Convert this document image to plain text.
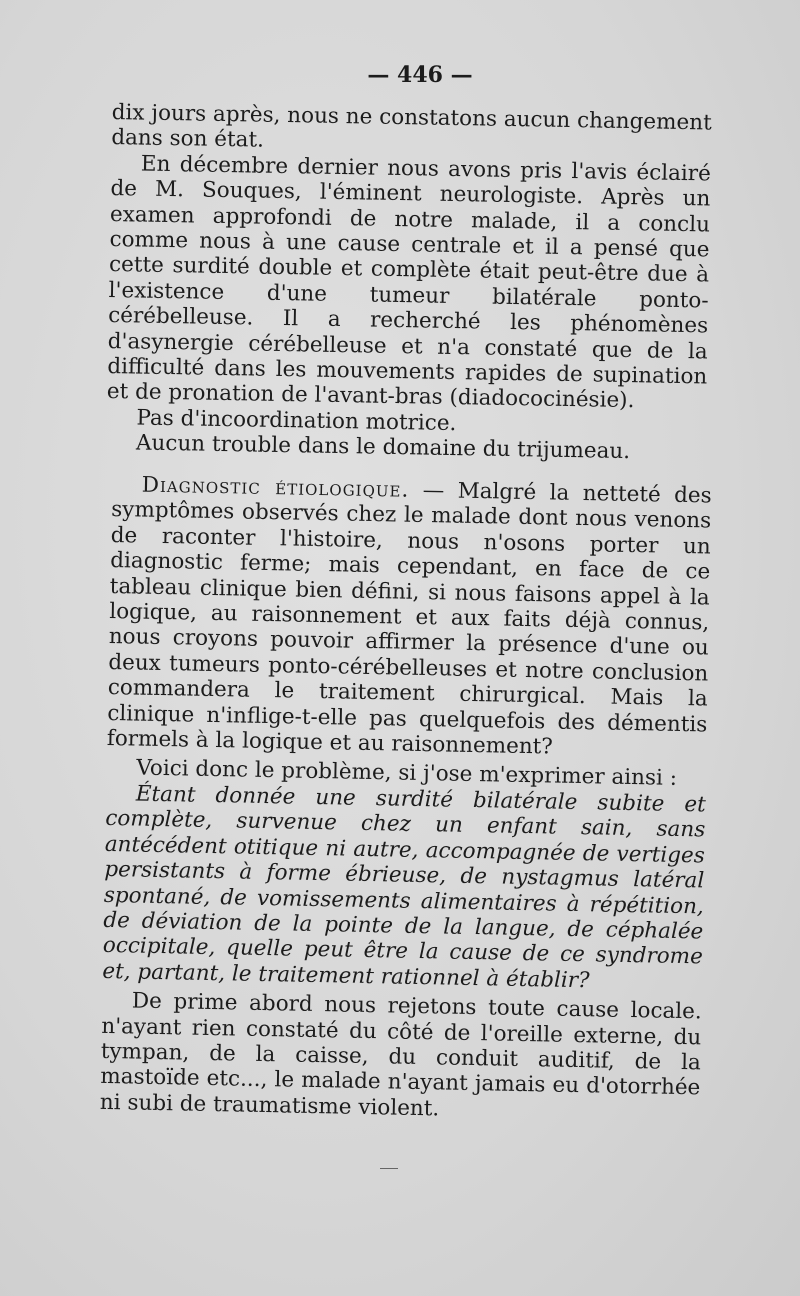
— 446 —

dix jours après, nous ne constatons aucun changement dans son état.

En décembre dernier nous avons pris l'avis éclairé de M. Souques, l'éminent neurologiste. Après un examen approfondi de notre malade, il a conclu comme nous à une cause centrale et il a pensé que cette surdité double et complète était peut-être due à l'existence d'une tumeur bilatérale ponto-cérébelleuse. Il a recherché les phénomènes d'asynergie cérébelleuse et n'a constaté que de la difficulté dans les mouvements rapides de supination et de pronation de l'avant-bras (diadococinésie).

Pas d'incoordination motrice.

Aucun trouble dans le domaine du trijumeau.

Diagnostic étiologique. — Malgré la netteté des symptômes observés chez le malade dont nous venons de raconter l'histoire, nous n'osons porter un diagnostic ferme; mais cependant, en face de ce tableau clinique bien défini, si nous faisons appel à la logique, au raisonnement et aux faits déjà connus, nous croyons pouvoir affirmer la présence d'une ou deux tumeurs ponto-cérébelleuses et notre conclusion commandera le traitement chirurgical. Mais la clinique n'inflige-t-elle pas quelquefois des démentis formels à la logique et au raisonnement?

Voici donc le problème, si j'ose m'exprimer ainsi :

Étant donnée une surdité bilatérale subite et complète, survenue chez un enfant sain, sans antécédent otitique ni autre, accompagnée de vertiges persistants à forme ébrieuse, de nystagmus latéral spontané, de vomissements alimentaires à répétition, de déviation de la pointe de la langue, de céphalée occipitale, quelle peut être la cause de ce syndrome et, partant, le traitement rationnel à établir?

De prime abord nous rejetons toute cause locale. n'ayant rien constaté du côté de l'oreille externe, du tympan, de la caisse, du conduit auditif, de la mastoïde etc..., le malade n'ayant jamais eu d'otorrhée ni subi de traumatisme violent.
